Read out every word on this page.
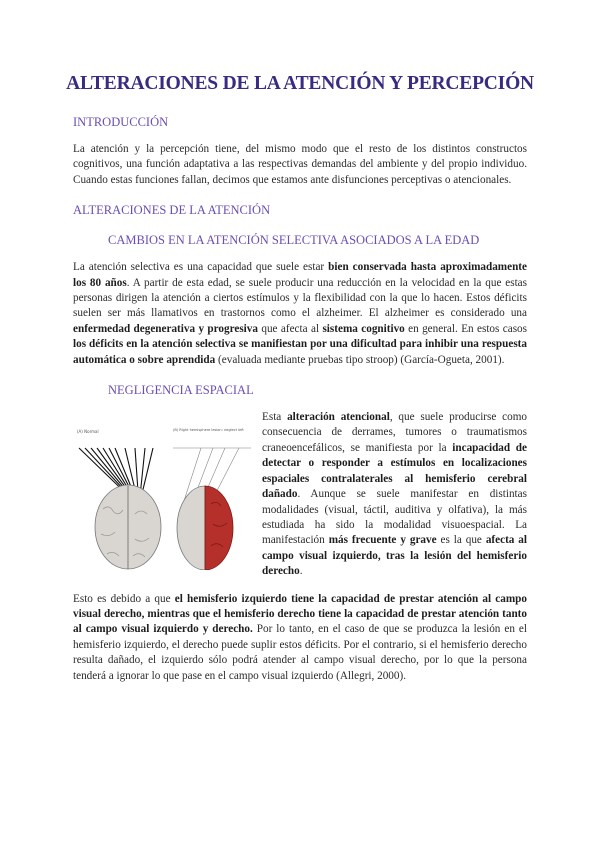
ALTERACIONES DE LA ATENCIÓN Y PERCEPCIÓN
INTRODUCCIÓN
La atención y la percepción tiene, del mismo modo que el resto de los distintos constructos cognitivos, una función adaptativa a las respectivas demandas del ambiente y del propio individuo. Cuando estas funciones fallan, decimos que estamos ante disfunciones perceptivas o atencionales.
ALTERACIONES DE LA ATENCIÓN
CAMBIOS EN LA ATENCIÓN SELECTIVA ASOCIADOS A LA EDAD
La atención selectiva es una capacidad que suele estar bien conservada hasta aproximadamente los 80 años. A partir de esta edad, se suele producir una reducción en la velocidad en la que estas personas dirigen la atención a ciertos estímulos y la flexibilidad con la que lo hacen. Estos déficits suelen ser más llamativos en trastornos como el alzheimer. El alzheimer es considerado una enfermedad degenerativa y progresiva que afecta al sistema cognitivo en general. En estos casos los déficits en la atención selectiva se manifiestan por una dificultad para inhibir una respuesta automática o sobre aprendida (evaluada mediante pruebas tipo stroop) (García-Ogueta, 2001).
NEGLIGENCIA ESPACIAL
(A) Normal	(B) Right hemisphere lesion: neglect left
Esta alteración atencional, que suele producirse como consecuencia de derrames, tumores o traumatismos craneoencefálicos, se manifiesta por la incapacidad de detectar o responder a estímulos en localizaciones espaciales contralaterales al hemisferio cerebral dañado. Aunque se suele manifestar en distintas modalidades (visual, táctil, auditiva y olfativa), la más estudiada ha sido la modalidad visuoespacial. La manifestación más frecuente y grave es la que afecta al campo visual izquierdo, tras la lesión del hemisferio derecho.
Esto es debido a que el hemisferio izquierdo tiene la capacidad de prestar atención al campo visual derecho, mientras que el hemisferio derecho tiene la capacidad de prestar atención tanto al campo visual izquierdo y derecho. Por lo tanto, en el caso de que se produzca la lesión en el hemisferio izquierdo, el derecho puede suplir estos déficits. Por el contrario, si el hemisferio derecho resulta dañado, el izquierdo sólo podrá atender al campo visual derecho, por lo que la persona tenderá a ignorar lo que pase en el campo visual izquierdo (Allegri, 2000).
